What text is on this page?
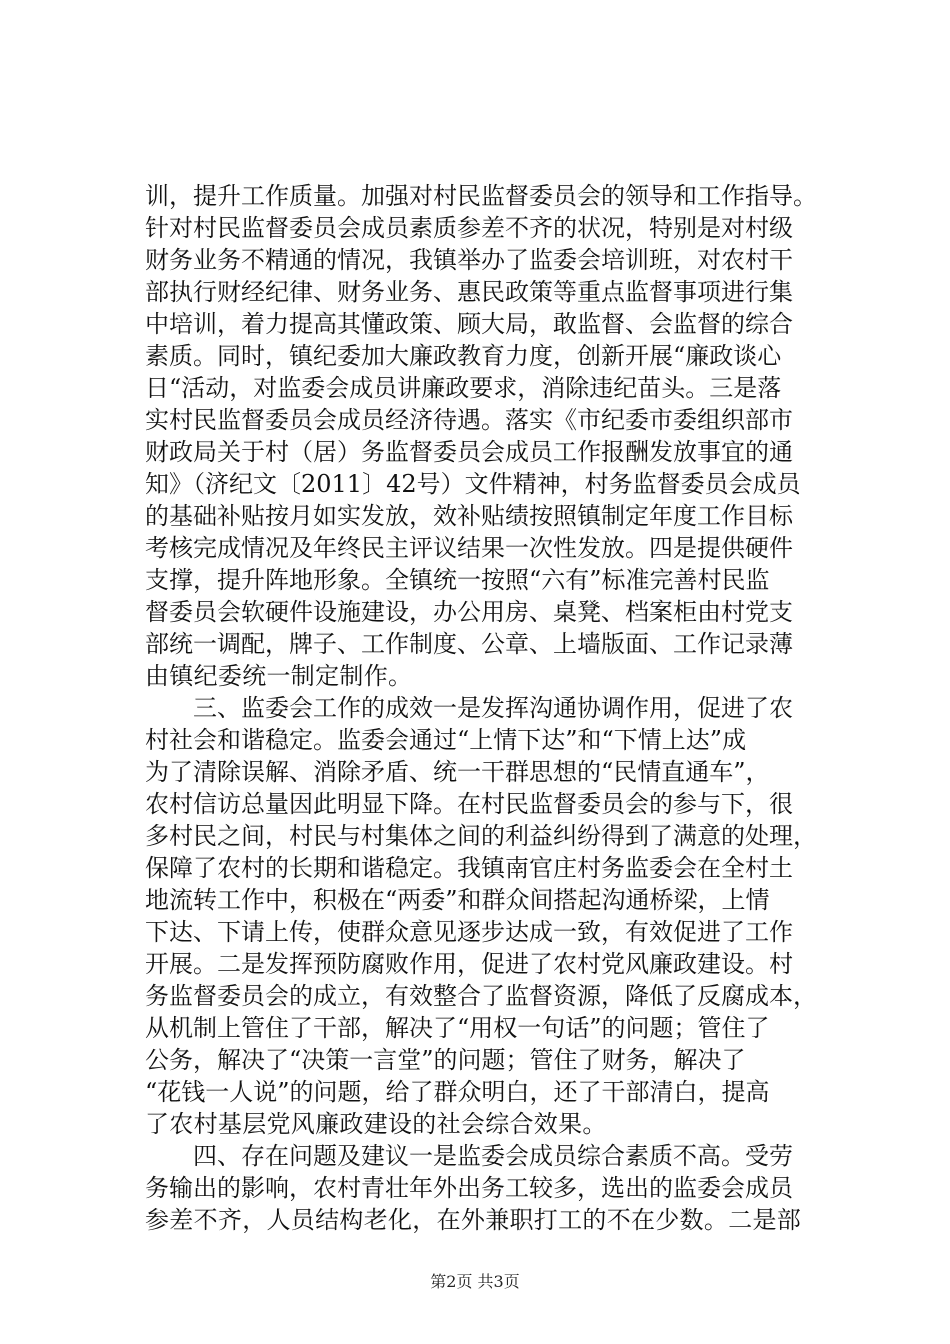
训，提升工作质量。加强对村民监督委员会的领导和工作指导。
针对村民监督委员会成员素质参差不齐的状况，特别是对村级
财务业务不精通的情况，我镇举办了监委会培训班，对农村干
部执行财经纪律、财务业务、惠民政策等重点监督事项进行集
中培训，着力提高其懂政策、顾大局，敢监督、会监督的综合
素质。同时，镇纪委加大廉政教育力度，创新开展“廉政谈心
日“活动，对监委会成员讲廉政要求，消除违纪苗头。三是落
实村民监督委员会成员经济待遇。落实《市纪委市委组织部市
财政局关于村（居）务监督委员会成员工作报酬发放事宜的通
知》（济纪文〔2011〕42号）文件精神，村务监督委员会成员
的基础补贴按月如实发放，效补贴绩按照镇制定年度工作目标
考核完成情况及年终民主评议结果一次性发放。四是提供硬件
支撑，提升阵地形象。全镇统一按照“六有”标准完善村民监
督委员会软硬件设施建设，办公用房、桌凳、档案柜由村党支
部统一调配，牌子、工作制度、公章、上墙版面、工作记录薄
由镇纪委统一制定制作。
三、监委会工作的成效一是发挥沟通协调作用，促进了农
村社会和谐稳定。监委会通过“上情下达”和“下情上达”成
为了清除误解、消除矛盾、统一干群思想的“民情直通车”，
农村信访总量因此明显下降。在村民监督委员会的参与下，很
多村民之间，村民与村集体之间的利益纠纷得到了满意的处理，
保障了农村的长期和谐稳定。我镇南官庄村务监委会在全村土
地流转工作中，积极在“两委”和群众间搭起沟通桥梁，上情
下达、下请上传，使群众意见逐步达成一致，有效促进了工作
开展。二是发挥预防腐败作用，促进了农村党风廉政建设。村
务监督委员会的成立，有效整合了监督资源，降低了反腐成本，
从机制上管住了干部，解决了“用权一句话”的问题；管住了
公务，解决了“决策一言堂”的问题；管住了财务，解决了
“花钱一人说”的问题，给了群众明白，还了干部清白，提高
了农村基层党风廉政建设的社会综合效果。
四、存在问题及建议一是监委会成员综合素质不高。受劳
务输出的影响，农村青壮年外出务工较多，选出的监委会成员
参差不齐，人员结构老化，在外兼职打工的不在少数。二是部
第2页 共3页
